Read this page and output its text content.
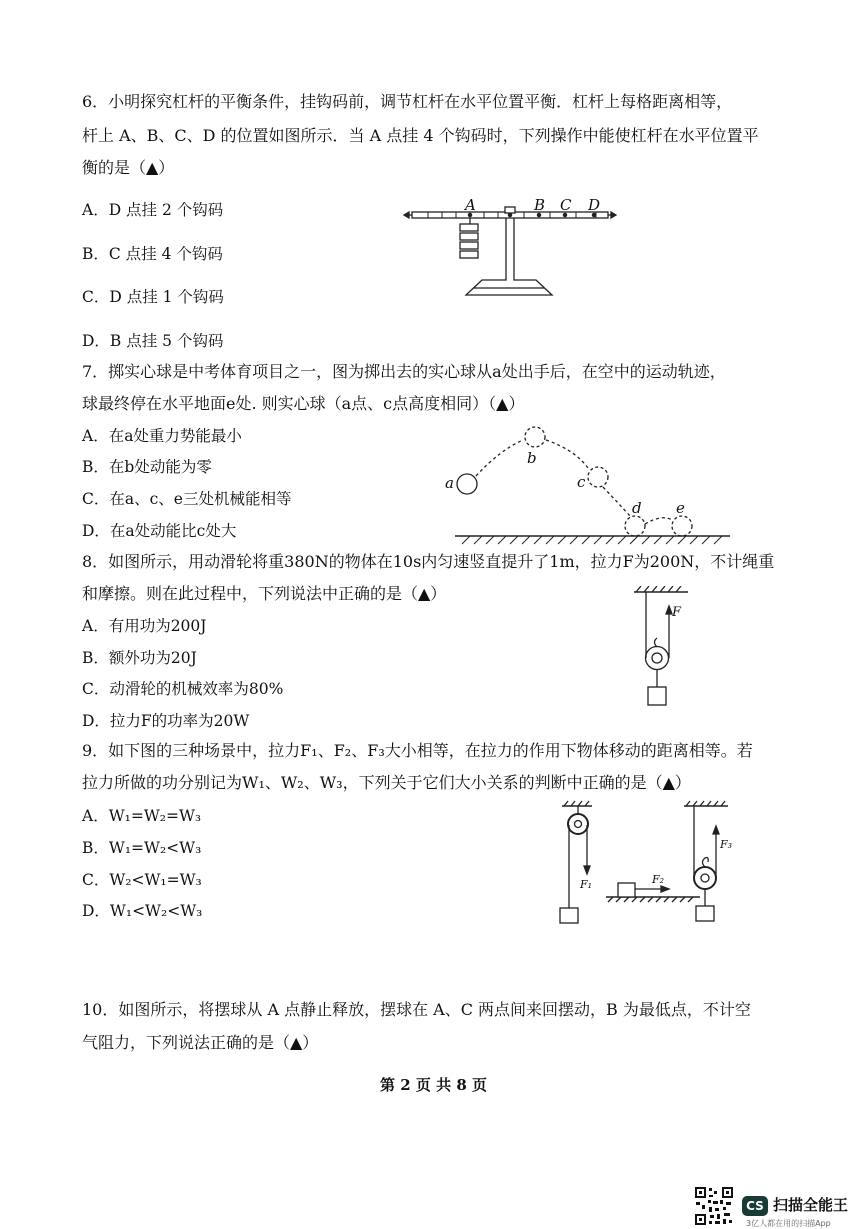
6．小明探究杠杆的平衡条件，挂钩码前，调节杠杆在水平位置平衡．杠杆上每格距离相等，
杆上 A、B、C、D 的位置如图所示．当 A 点挂 4 个钩码时，下列操作中能使杠杆在水平位置平
衡的是（▲）
A．D 点挂 2 个钩码
B．C 点挂 4 个钩码
C．D 点挂 1 个钩码
D．B 点挂 5 个钩码
A	B C D
7．掷实心球是中考体育项目之一，图为掷出去的实心球从a处出手后，在空中的运动轨迹，
球最终停在水平地面e处. 则实心球（a点、c点高度相同）（▲）
A．在a处重力势能最小
B．在b处动能为零
C．在a、c、e三处机械能相等
D．在a处动能比c处大
a
b
c
d e
8．如图所示，用动滑轮将重380N的物体在10s内匀速竖直提升了1m，拉力F为200N，不计绳重
和摩擦。则在此过程中，下列说法中正确的是（▲）
A．有用功为200J
B．额外功为20J
C．动滑轮的机械效率为80%
D．拉力F的功率为20W
F
9．如下图的三种场景中，拉力F₁、F₂、F₃大小相等，在拉力的作用下物体移动的距离相等。若
拉力所做的功分别记为W₁、W₂、W₃，下列关于它们大小关系的判断中正确的是（▲）
A．W₁=W₂=W₃
B．W₁=W₂<W₃
C．W₂<W₁=W₃
D．W₁<W₂<W₃
F₁	F₂
F₃
10．如图所示，将摆球从 A 点静止释放，摆球在 A、C 两点间来回摆动，B 为最低点，不计空
气阻力，下列说法正确的是（▲）
第 2 页 共 8 页
CS 扫描全能王
3亿人都在用的扫描App
